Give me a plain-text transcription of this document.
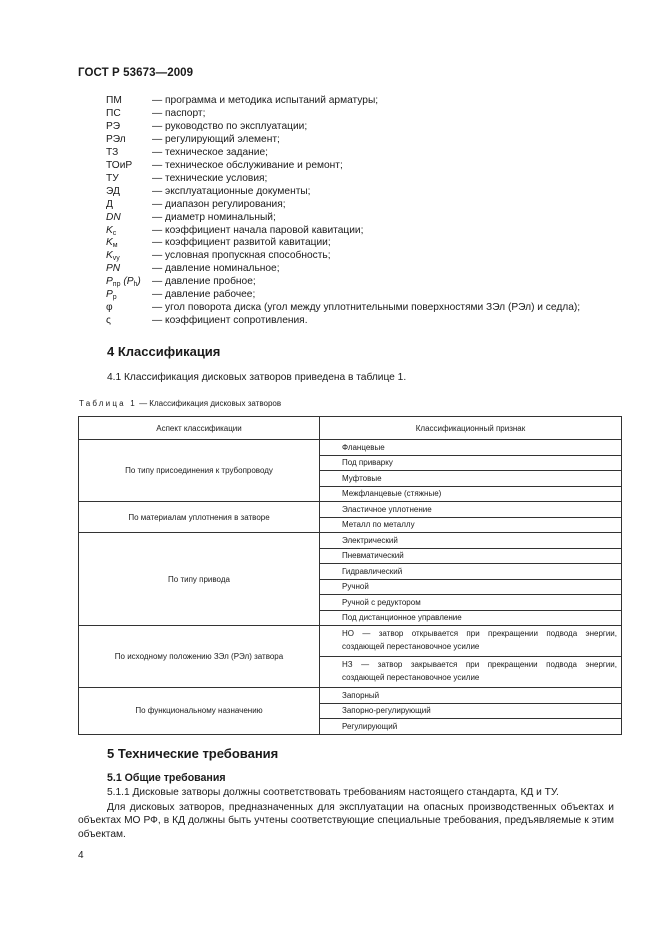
ГОСТ Р 53673—2009
ПМ	— программа и методика испытаний арматуры;
ПС	— паспорт;
РЭ	— руководство по эксплуатации;
РЭл	— регулирующий элемент;
ТЗ	— техническое задание;
ТОиР	— техническое обслуживание и ремонт;
ТУ	— технические условия;
ЭД	— эксплуатационные документы;
Д	— диапазон регулирования;
DN	— диаметр номинальный;
$K_c$	— коэффициент начала паровой кавитации;
$K_м$	— коэффициент развитой кавитации;
$K_{vy}$	— условная пропускная способность;
PN	— давление номинальное;
$P_{пр}$ $(P_h)$	— давление пробное;
$P_р$	— давление рабочее;
φ	— угол поворота диска (угол между уплотнительными поверхностями ЗЭл (РЭл) и седла);
ς	— коэффициент сопротивления.
4 Классификация
4.1 Классификация дисковых затворов приведена в таблице 1.
Таблица 1 — Классификация дисковых затворов
Аспект классификации	Классификационный признак
По типу присоединения к трубопроводу	Фланцевые
	Под приварку
	Муфтовые
	Межфланцевые (стяжные)
По материалам уплотнения в затворе	Эластичное уплотнение
	Металл по металлу
По типу привода	Электрический
	Пневматический
	Гидравлический
	Ручной
	Ручной с редуктором
	Под дистанционное управление
По исходному положению ЗЭл (РЭл) затвора	НО — затвор открывается при прекращении подвода энергии, создающей перестановочное усилие
	НЗ — затвор закрывается при прекращении подвода энергии, создающей перестановочное усилие
По функциональному назначению	Запорный
	Запорно-регулирующий
	Регулирующий
5 Технические требования
5.1 Общие требования
5.1.1 Дисковые затворы должны соответствовать требованиям настоящего стандарта, КД и ТУ.
Для дисковых затворов, предназначенных для эксплуатации на опасных производственных объектах и объектах МО РФ, в КД должны быть учтены соответствующие специальные требования, предъявляемые к этим объектам.
4
